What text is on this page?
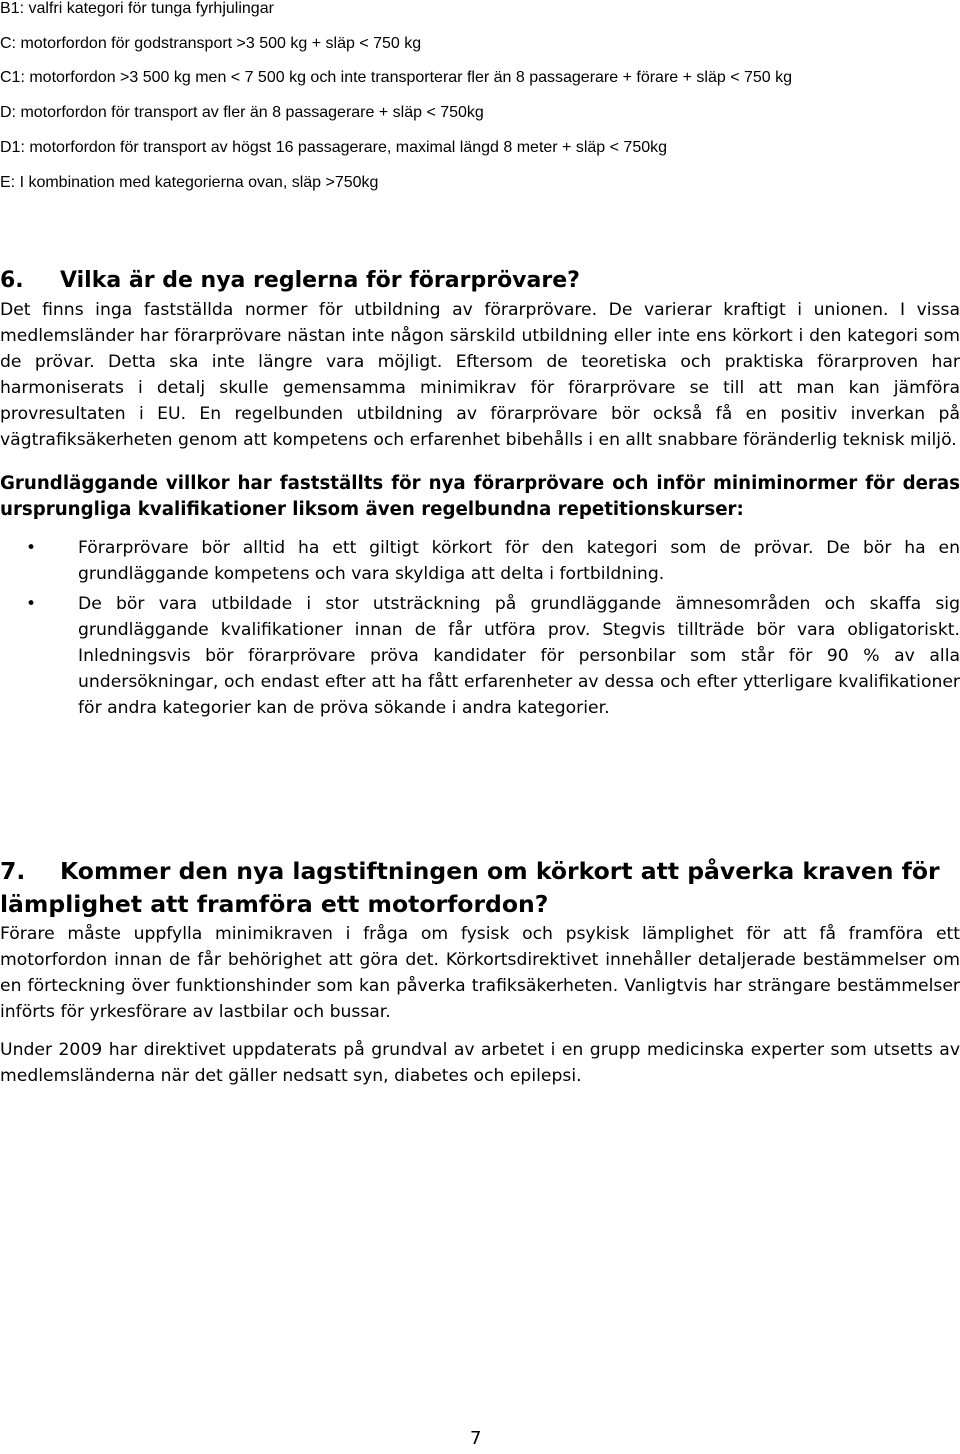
B1: valfri kategori för tunga fyrhjulingar
C: motorfordon för godstransport >3 500 kg + släp < 750 kg
C1: motorfordon >3 500 kg men < 7 500 kg och inte transporterar fler än 8 passagerare + förare + släp < 750 kg
D: motorfordon för transport av fler än 8 passagerare + släp < 750kg
D1: motorfordon för transport av högst 16 passagerare, maximal längd 8 meter + släp < 750kg
E: I kombination med kategorierna ovan, släp >750kg
6. Vilka är de nya reglerna för förarprövare?

Det finns inga fastställda normer för utbildning av förarprövare. De varierar kraftigt i unionen. I vissa medlemsländer har förarprövare nästan inte någon särskild utbildning eller inte ens körkort i den kategori som de prövar. Detta ska inte längre vara möjligt. Eftersom de teoretiska och praktiska förarproven har harmoniserats i detalj skulle gemensamma minimikrav för förarprövare se till att man kan jämföra provresultaten i EU. En regelbunden utbildning av förarprövare bör också få en positiv inverkan på vägtrafiksäkerheten genom att kompetens och erfarenhet bibehålls i en allt snabbare föränderlig teknisk miljö.

Grundläggande villkor har fastställts för nya förarprövare och inför miniminormer för deras ursprungliga kvalifikationer liksom även regelbundna repetitionskurser:

• Förarprövare bör alltid ha ett giltigt körkort för den kategori som de prövar. De bör ha en grundläggande kompetens och vara skyldiga att delta i fortbildning.
• De bör vara utbildade i stor utsträckning på grundläggande ämnesområden och skaffa sig grundläggande kvalifikationer innan de får utföra prov. Stegvis tillträde bör vara obligatoriskt. Inledningsvis bör förarprövare pröva kandidater för personbilar som står för 90 % av alla undersökningar, och endast efter att ha fått erfarenheter av dessa och efter ytterligare kvalifikationer för andra kategorier kan de pröva sökande i andra kategorier.
7. Kommer den nya lagstiftningen om körkort att påverka kraven för lämplighet att framföra ett motorfordon?

Förare måste uppfylla minimikraven i fråga om fysisk och psykisk lämplighet för att få framföra ett motorfordon innan de får behörighet att göra det. Körkortsdirektivet innehåller detaljerade bestämmelser om en förteckning över funktionshinder som kan påverka trafiksäkerheten. Vanligtvis har strängare bestämmelser införts för yrkesförare av lastbilar och bussar.

Under 2009 har direktivet uppdaterats på grundval av arbetet i en grupp medicinska experter som utsetts av medlemsländerna när det gäller nedsatt syn, diabetes och epilepsi.

7
